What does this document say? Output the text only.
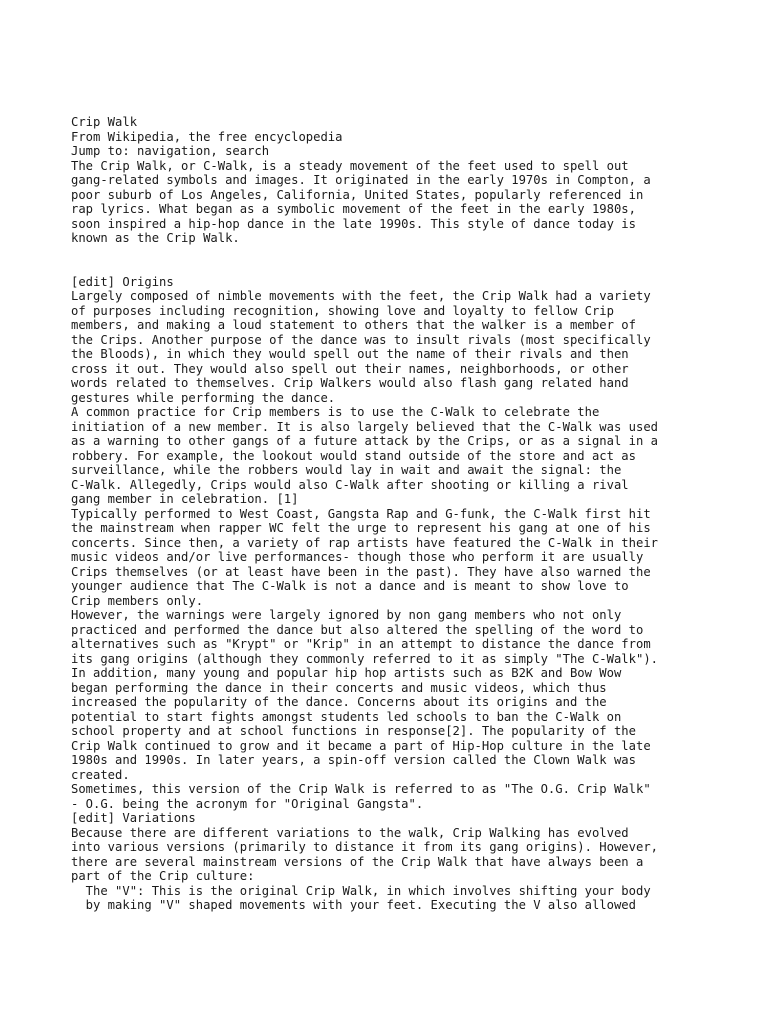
Crip Walk
From Wikipedia, the free encyclopedia
Jump to: navigation, search
The Crip Walk, or C-Walk, is a steady movement of the feet used to spell out
gang-related symbols and images. It originated in the early 1970s in Compton, a
poor suburb of Los Angeles, California, United States, popularly referenced in
rap lyrics. What began as a symbolic movement of the feet in the early 1980s,
soon inspired a hip-hop dance in the late 1990s. This style of dance today is
known as the Crip Walk.
[edit] Origins
Largely composed of nimble movements with the feet, the Crip Walk had a variety
of purposes including recognition, showing love and loyalty to fellow Crip
members, and making a loud statement to others that the walker is a member of
the Crips. Another purpose of the dance was to insult rivals (most specifically
the Bloods), in which they would spell out the name of their rivals and then
cross it out. They would also spell out their names, neighborhoods, or other
words related to themselves. Crip Walkers would also flash gang related hand
gestures while performing the dance.
A common practice for Crip members is to use the C-Walk to celebrate the
initiation of a new member. It is also largely believed that the C-Walk was used
as a warning to other gangs of a future attack by the Crips, or as a signal in a
robbery. For example, the lookout would stand outside of the store and act as
surveillance, while the robbers would lay in wait and await the signal: the
C-Walk. Allegedly, Crips would also C-Walk after shooting or killing a rival
gang member in celebration. [1]
Typically performed to West Coast, Gangsta Rap and G-funk, the C-Walk first hit
the mainstream when rapper WC felt the urge to represent his gang at one of his
concerts. Since then, a variety of rap artists have featured the C-Walk in their
music videos and/or live performances- though those who perform it are usually
Crips themselves (or at least have been in the past). They have also warned the
younger audience that The C-Walk is not a dance and is meant to show love to
Crip members only.
However, the warnings were largely ignored by non gang members who not only
practiced and performed the dance but also altered the spelling of the word to
alternatives such as "Krypt" or "Krip" in an attempt to distance the dance from
its gang origins (although they commonly referred to it as simply "The C-Walk").
In addition, many young and popular hip hop artists such as B2K and Bow Wow
began performing the dance in their concerts and music videos, which thus
increased the popularity of the dance. Concerns about its origins and the
potential to start fights amongst students led schools to ban the C-Walk on
school property and at school functions in response[2]. The popularity of the
Crip Walk continued to grow and it became a part of Hip-Hop culture in the late
1980s and 1990s. In later years, a spin-off version called the Clown Walk was
created.
Sometimes, this version of the Crip Walk is referred to as "The O.G. Crip Walk"
- O.G. being the acronym for "Original Gangsta".
[edit] Variations
Because there are different variations to the walk, Crip Walking has evolved
into various versions (primarily to distance it from its gang origins). However,
there are several mainstream versions of the Crip Walk that have always been a
part of the Crip culture:
The "V": This is the original Crip Walk, in which involves shifting your body
by making "V" shaped movements with your feet. Executing the V also allowed
